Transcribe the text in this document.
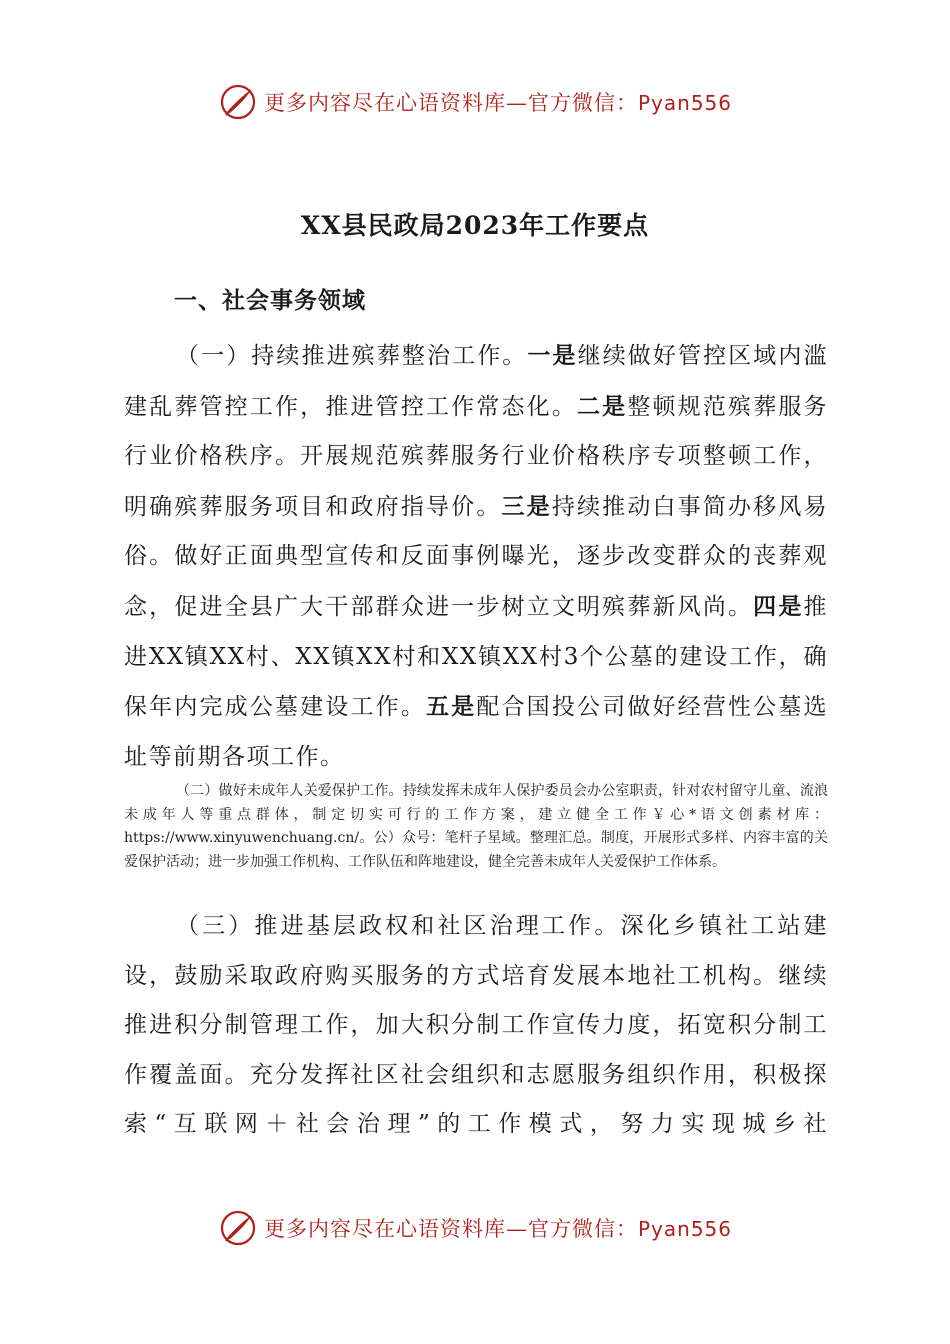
更多内容尽在心语资料库—官方微信：Pyan556
XX县民政局2023年工作要点
一、社会事务领域

（一）持续推进殡葬整治工作。一是继续做好管控区域内滥建乱葬管控工作，推进管控工作常态化。二是整顿规范殡葬服务行业价格秩序。开展规范殡葬服务行业价格秩序专项整顿工作，明确殡葬服务项目和政府指导价。三是持续推动白事简办移风易俗。做好正面典型宣传和反面事例曝光，逐步改变群众的丧葬观念，促进全县广大干部群众进一步树立文明殡葬新风尚。四是推进XX镇XX村、XX镇XX村和XX镇XX村3个公墓的建设工作，确保年内完成公墓建设工作。五是配合国投公司做好经营性公墓选址等前期各项工作。

（二）做好未成年人关爱保护工作。持续发挥未成年人保护委员会办公室职责，针对农村留守儿童、流浪未成年人等重点群体，制定切实可行的工作方案，建立健全工作￥心*语文创素材库：https://www.xinyuwenchuang.cn/。公）众号：笔杆子星域。整理汇总。制度，开展形式多样、内容丰富的关爱保护活动；进一步加强工作机构、工作队伍和阵地建设，健全完善未成年人关爱保护工作体系。

（三）推进基层政权和社区治理工作。深化乡镇社工站建设，鼓励采取政府购买服务的方式培育发展本地社工机构。继续推进积分制管理工作，加大积分制工作宣传力度，拓宽积分制工作覆盖面。充分发挥社区社会组织和志愿服务组织作用，积极探索“互联网＋社会治理”的工作模式，努力实现城乡社

更多内容尽在心语资料库—官方微信：Pyan556
